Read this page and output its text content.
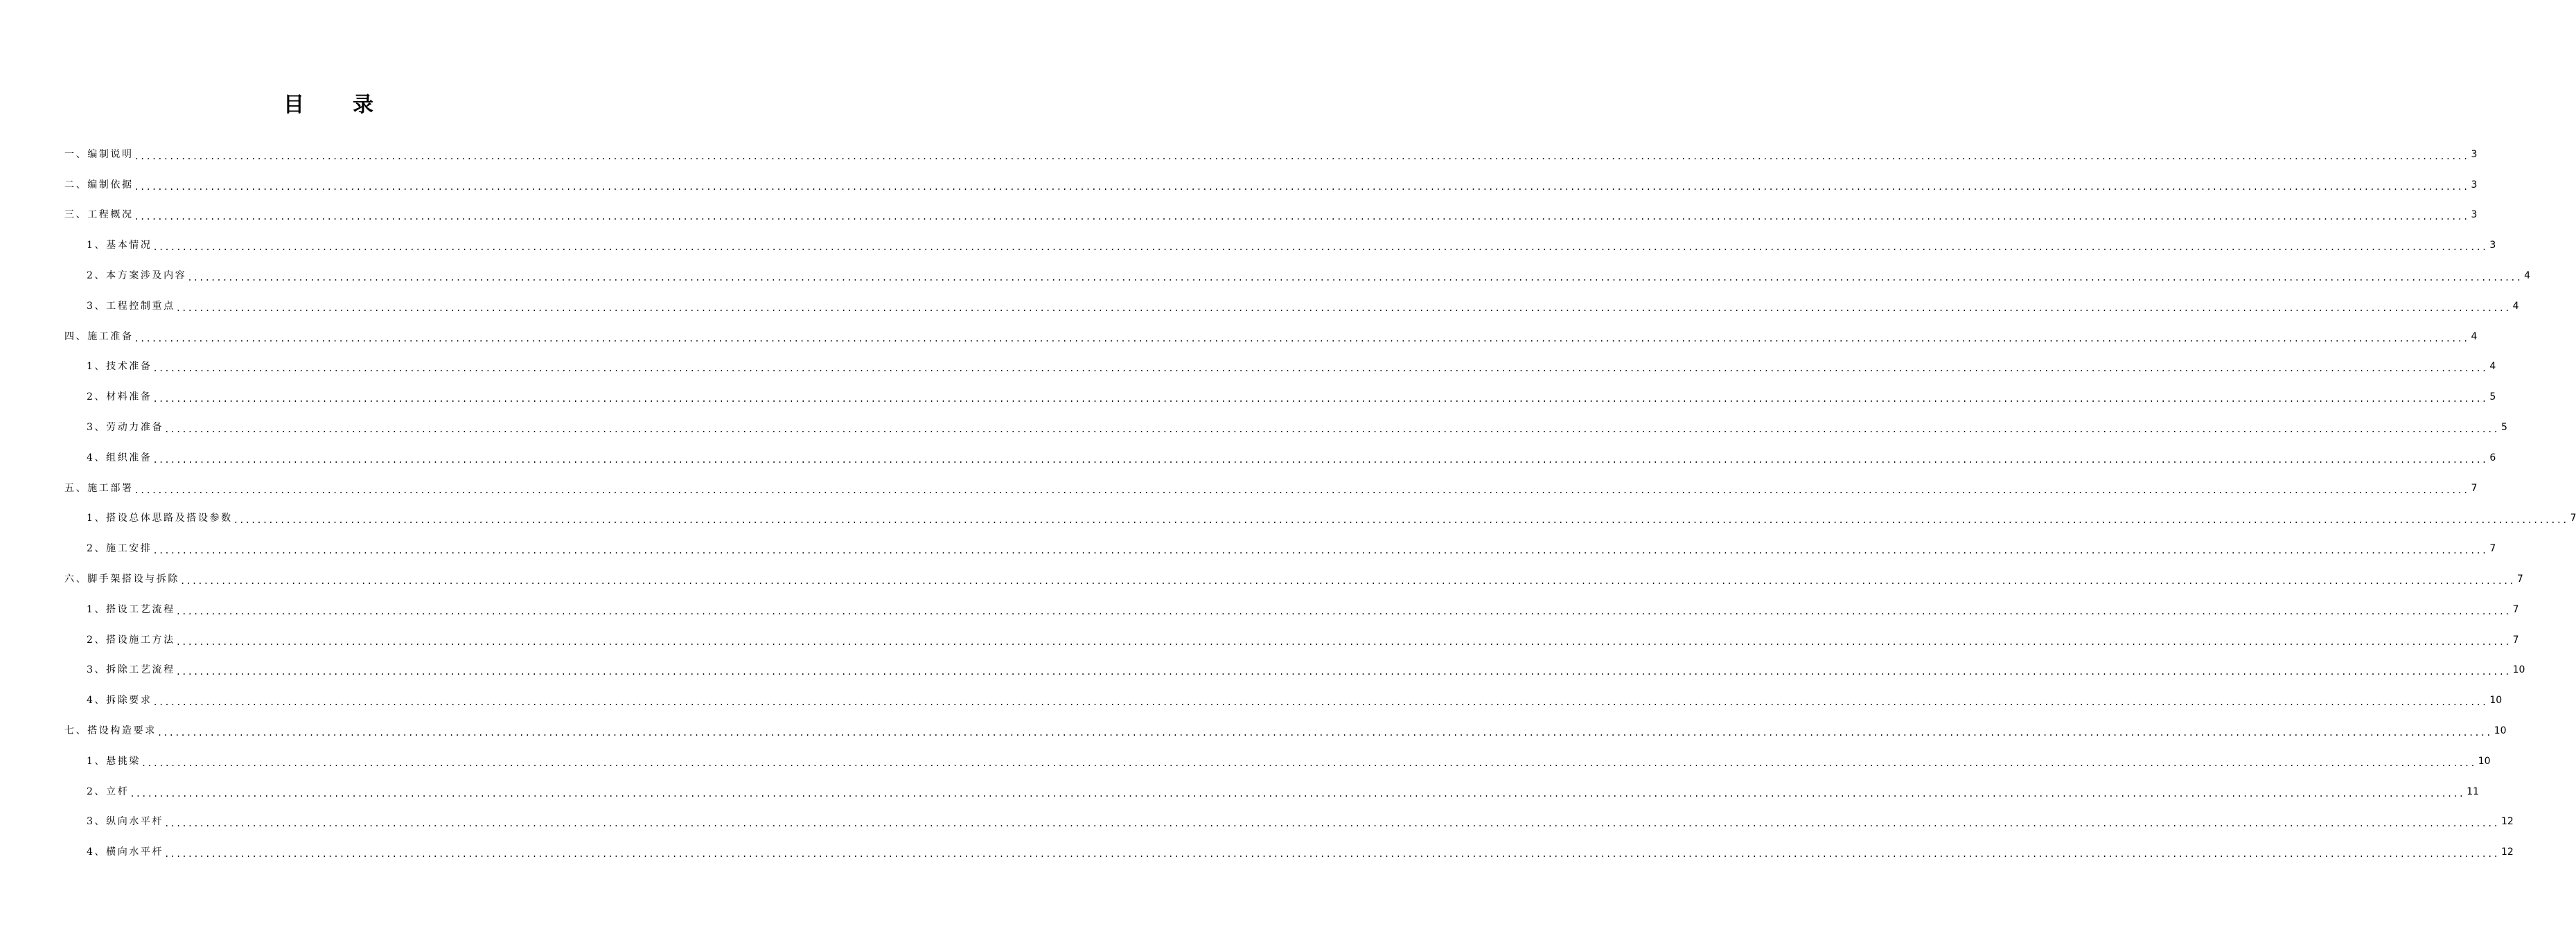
目 录
一、编制说明 ................................................................................................................................................................................................................................................................................................................................................................................................................ 3
二、编制依据 ................................................................................................................................................................................................................................................................................................................................................................................................................ 3
三、工程概况 ................................................................................................................................................................................................................................................................................................................................................................................................................ 3
1、基本情况 ................................................................................................................................................................................................................................................................................................................................................................................................................ 3
2、本方案涉及内容 ................................................................................................................................................................................................................................................................................................................................................................................................................ 4
3、工程控制重点 ................................................................................................................................................................................................................................................................................................................................................................................................................ 4
四、施工准备 ................................................................................................................................................................................................................................................................................................................................................................................................................ 4
1、技术准备 ................................................................................................................................................................................................................................................................................................................................................................................................................ 4
2、材料准备 ................................................................................................................................................................................................................................................................................................................................................................................................................ 5
3、劳动力准备 ................................................................................................................................................................................................................................................................................................................................................................................................................ 5
4、组织准备 ................................................................................................................................................................................................................................................................................................................................................................................................................ 6
五、施工部署 ................................................................................................................................................................................................................................................................................................................................................................................................................ 7
1、搭设总体思路及搭设参数 ................................................................................................................................................................................................................................................................................................................................................................................................................ 7
2、施工安排 ................................................................................................................................................................................................................................................................................................................................................................................................................ 7
六、脚手架搭设与拆除 ................................................................................................................................................................................................................................................................................................................................................................................................................ 7
1、搭设工艺流程 ................................................................................................................................................................................................................................................................................................................................................................................................................ 7
2、搭设施工方法 ................................................................................................................................................................................................................................................................................................................................................................................................................ 7
3、拆除工艺流程 ................................................................................................................................................................................................................................................................................................................................................................................................................ 10
4、拆除要求 ................................................................................................................................................................................................................................................................................................................................................................................................................ 10
七、搭设构造要求 ................................................................................................................................................................................................................................................................................................................................................................................................................ 10
1、悬挑梁 ................................................................................................................................................................................................................................................................................................................................................................................................................ 10
2、立杆 ................................................................................................................................................................................................................................................................................................................................................................................................................ 11
3、纵向水平杆 ................................................................................................................................................................................................................................................................................................................................................................................................................ 12
4、横向水平杆 ................................................................................................................................................................................................................................................................................................................................................................................................................ 12
